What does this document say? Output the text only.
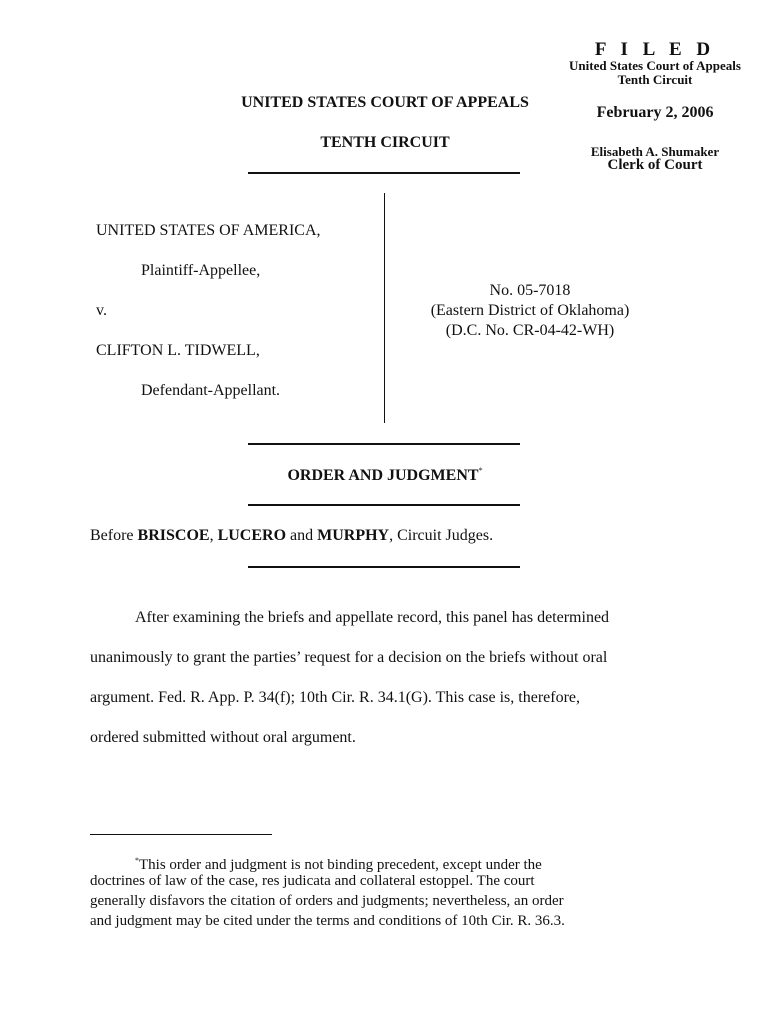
F I L E D
United States Court of Appeals
Tenth Circuit
February 2, 2006
Elisabeth A. Shumaker
Clerk of Court
UNITED STATES COURT OF APPEALS
TENTH CIRCUIT
UNITED STATES OF AMERICA,
Plaintiff-Appellee,
v.
CLIFTON L. TIDWELL,
Defendant-Appellant.
No. 05-7018
(Eastern District of Oklahoma)
(D.C. No. CR-04-42-WH)
ORDER AND JUDGMENT*
Before BRISCOE, LUCERO and MURPHY, Circuit Judges.
After examining the briefs and appellate record, this panel has determined
unanimously to grant the parties’ request for a decision on the briefs without oral
argument. Fed. R. App. P. 34(f); 10th Cir. R. 34.1(G). This case is, therefore,
ordered submitted without oral argument.
*This order and judgment is not binding precedent, except under the
doctrines of law of the case, res judicata and collateral estoppel. The court
generally disfavors the citation of orders and judgments; nevertheless, an order
and judgment may be cited under the terms and conditions of 10th Cir. R. 36.3.
